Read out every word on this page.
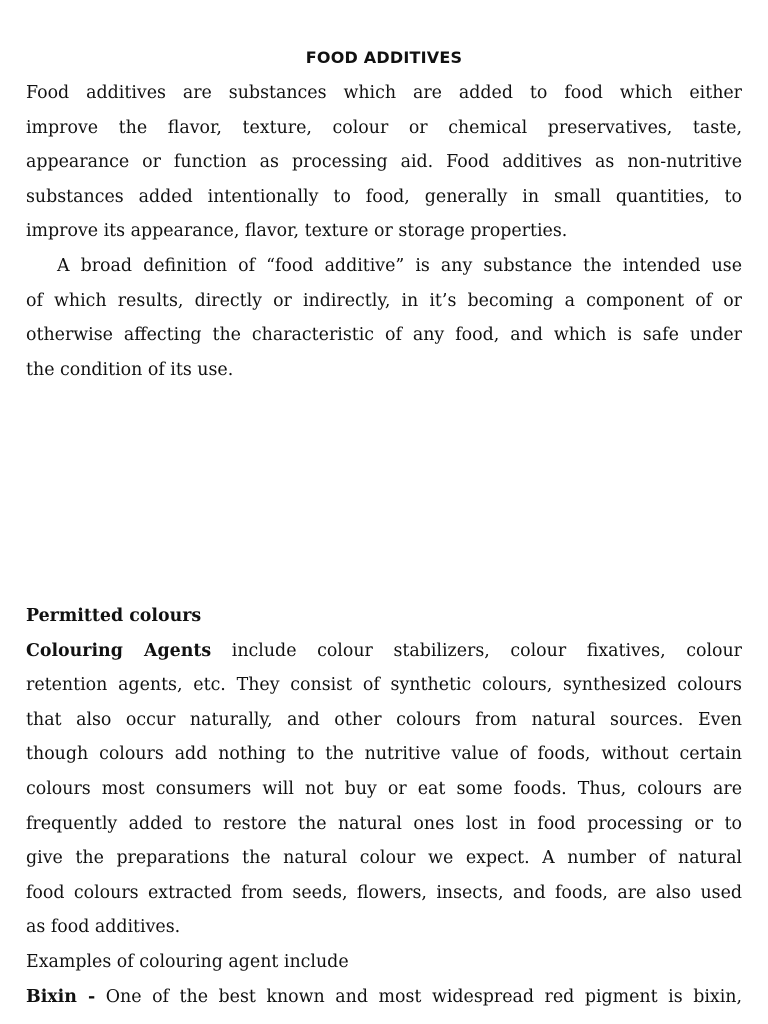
FOOD ADDITIVES
Food additives are substances which are added to food which either
improve the flavor, texture, colour or chemical preservatives, taste,
appearance or function as processing aid. Food additives as non-nutritive
substances added intentionally to food, generally in small quantities, to
improve its appearance, flavor, texture or storage properties.
A broad definition of “food additive” is any substance the intended use
of which results, directly or indirectly, in it’s becoming a component of or
otherwise affecting the characteristic of any food, and which is safe under
the condition of its use.
Permitted colours
Colouring Agents include colour stabilizers, colour fixatives, colour
retention agents, etc. They consist of synthetic colours, synthesized colours
that also occur naturally, and other colours from natural sources. Even
though colours add nothing to the nutritive value of foods, without certain
colours most consumers will not buy or eat some foods. Thus, colours are
frequently added to restore the natural ones lost in food processing or to
give the preparations the natural colour we expect. A number of natural
food colours extracted from seeds, flowers, insects, and foods, are also used
as food additives.
Examples of colouring agent include
Bixin - One of the best known and most widespread red pigment is bixin,
